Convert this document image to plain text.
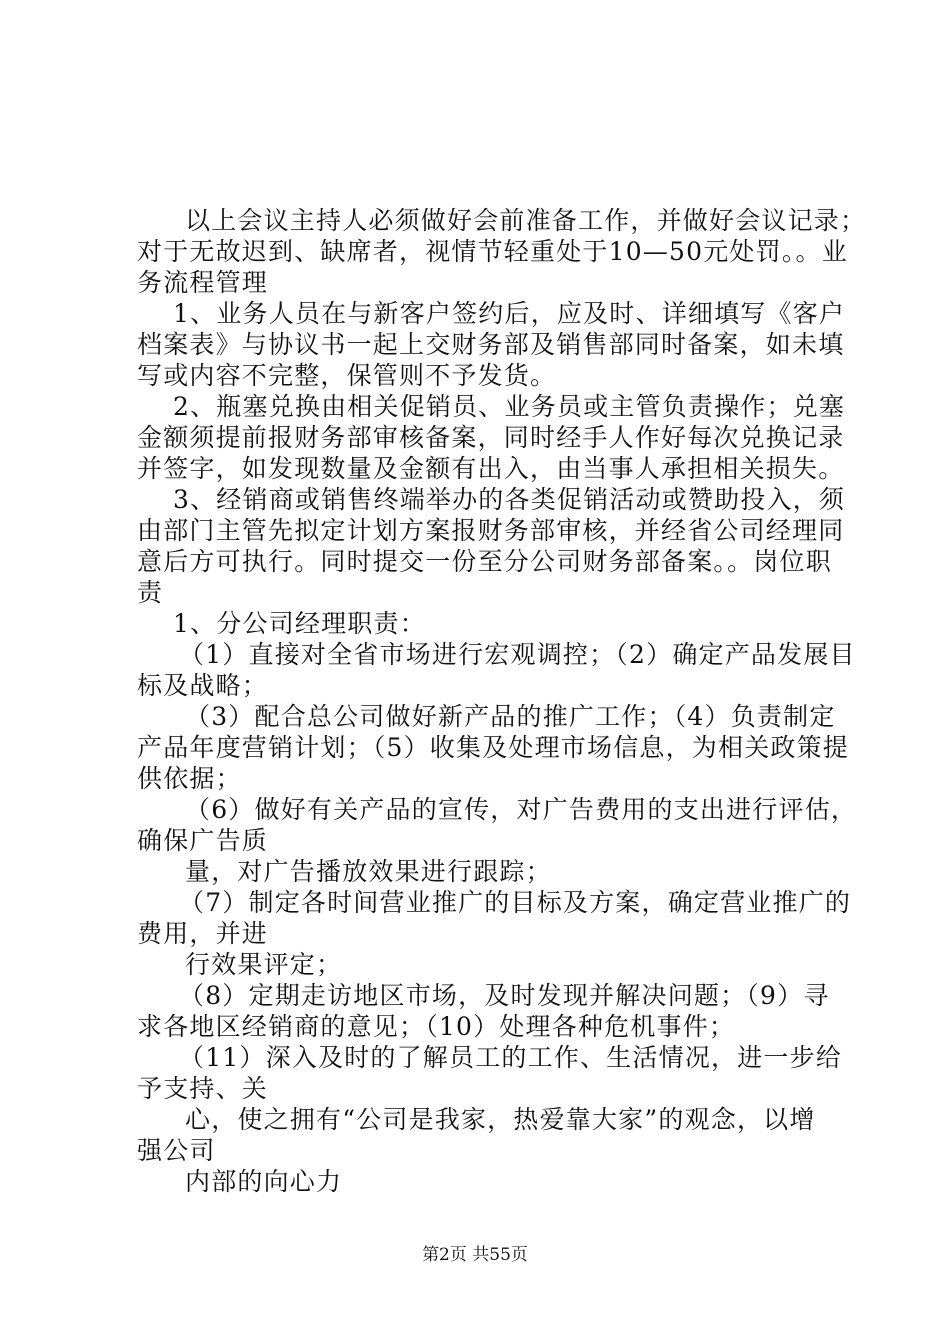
以上会议主持人必须做好会前准备工作，并做好会议记录；
对于无故迟到、缺席者，视情节轻重处于10—50元处罚。。业
务流程管理
1、业务人员在与新客户签约后，应及时、详细填写《客户
档案表》与协议书一起上交财务部及销售部同时备案，如未填
写或内容不完整，保管则不予发货。
2、瓶塞兑换由相关促销员、业务员或主管负责操作；兑塞
金额须提前报财务部审核备案，同时经手人作好每次兑换记录
并签字，如发现数量及金额有出入，由当事人承担相关损失。
3、经销商或销售终端举办的各类促销活动或赞助投入，须
由部门主管先拟定计划方案报财务部审核，并经省公司经理同
意后方可执行。同时提交一份至分公司财务部备案。。岗位职
责
1、分公司经理职责：
（1）直接对全省市场进行宏观调控；（2）确定产品发展目
标及战略；
（3）配合总公司做好新产品的推广工作；（4）负责制定
产品年度营销计划；（5）收集及处理市场信息，为相关政策提
供依据；
（6）做好有关产品的宣传，对广告费用的支出进行评估，
确保广告质
量，对广告播放效果进行跟踪；
（7）制定各时间营业推广的目标及方案，确定营业推广的
费用，并进
行效果评定；
（8）定期走访地区市场，及时发现并解决问题；（9）寻
求各地区经销商的意见；（10）处理各种危机事件；
（11）深入及时的了解员工的工作、生活情况，进一步给
予支持、关
心，使之拥有“公司是我家，热爱靠大家”的观念，以增
强公司
内部的向心力
第2页 共55页
